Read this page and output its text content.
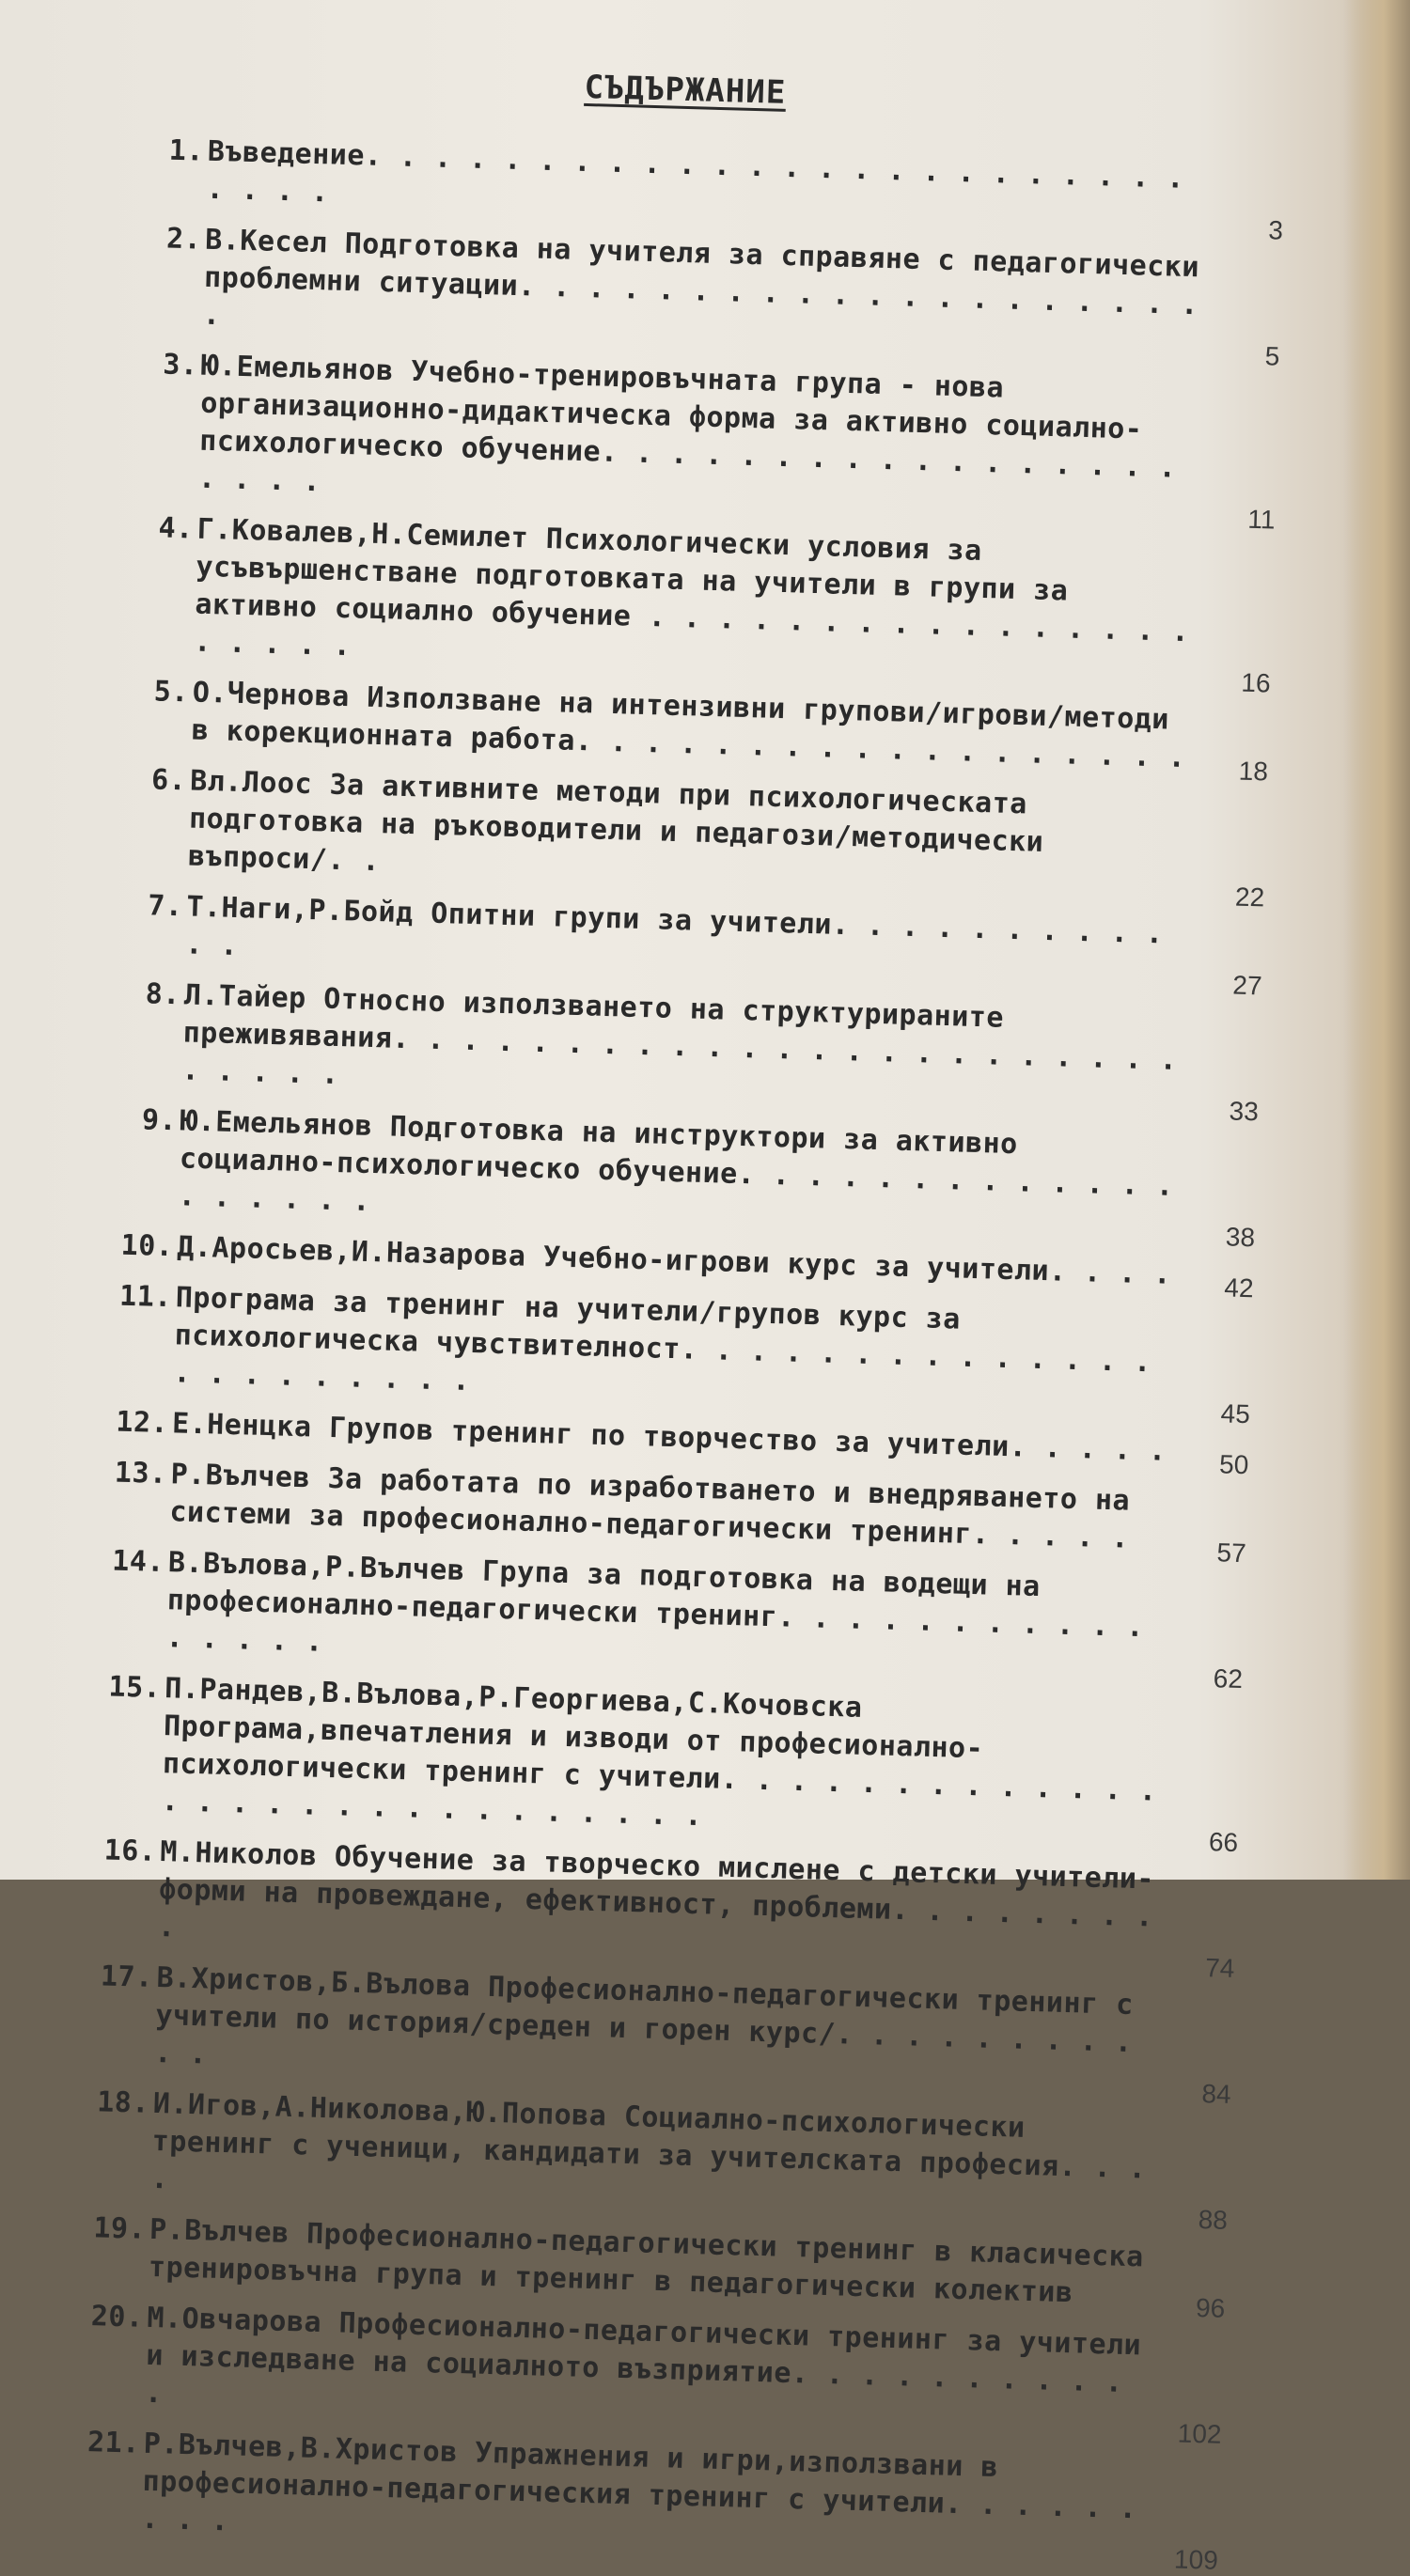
СЪДЪРЖАНИЕ
1. Въведение. . . . . . . . . . . . . . . . . . . . . . . . . . . .
3
2. В.Кесел Подготовка на учителя за справяне с педагогически проблемни ситуации. . . . . . . . . . . . . . . . . . . . .
5
3. Ю.Емельянов Учебно-тренировъчната група - нова организационно-дидактическа форма за активно социално-психологическо обучение. . . . . . . . . . . . . . . . . . . . .
11
4. Г.Ковалев,Н.Семилет Психологически условия за усъвършенстване подготовката на учители в групи за активно социално обучение . . . . . . . . . . . . . . . . . . . . .
16
5. О.Чернова Използване на интензивни групови/игрови/методи в корекционната работа. . . . . . . . . . . . . . . . . . 18
6. Вл.Лоос За активните методи при психологическата подготовка на ръководители и педагози/методически въпроси/. .
22
7. Т.Наги,Р.Бойд Опитни групи за учители. . . . . . . . . . . .
27
8. Л.Тайер Относно използването на структурираните преживявания. . . . . . . . . . . . . . . . . . . . . . . . . . . .
33
9. Ю.Емельянов Подготовка на инструктори за активно социално-психологическо обучение. . . . . . . . . . . . . . . . . . .
38
10. Д.Аросьев,И.Назарова Учебно-игрови курс за учители. . . . 42
11. Програма за тренинг на учители/групов курс за психологическа чувствителност. . . . . . . . . . . . . . . . . . . . . . .
45
12. Е.Ненцка Групов тренинг по творчество за учители. . . . . 50
13. Р.Вълчев За работата по изработването и внедряването на системи за професионално-педагогически тренинг. . . . .	57
14. В.Вълова,Р.Вълчев Група за подготовка на водещи на професионално-педагогически тренинг. . . . . . . . . . . . . . . .
62
15. П.Рандев,В.Вълова,Р.Георгиева,С.Кочовска Програма,впечатления и изводи от професионално-психологически тренинг с учители. . . . . . . . . . . . . . . . . . . . . . . . . . . . .
66
16. М.Николов Обучение за творческо мислене с детски учители-форми на провеждане, ефективност, проблеми. . . . . . . . .
74
17. В.Христов,Б.Вълова Професионално-педагогически тренинг с учители по история/среден и горен курс/. . . . . . . . . . .
84
18. И.Игов,А.Николова,Ю.Попова Социално-психологически тренинг с ученици, кандидати за учителската професия. . . .
88
19. Р.Вълчев Професионално-педагогически тренинг в класическа тренировъчна група и тренинг в педагогически колектив	96
20. М.Овчарова Професионално-педагогически тренинг за учители и изследване на социалното възприятие. . . . . . . . . . .
102
21. Р.Вълчев,В.Христов Упражнения и игри,използвани в професионално-педагогическия тренинг с учители. . . . . . . . .
109
